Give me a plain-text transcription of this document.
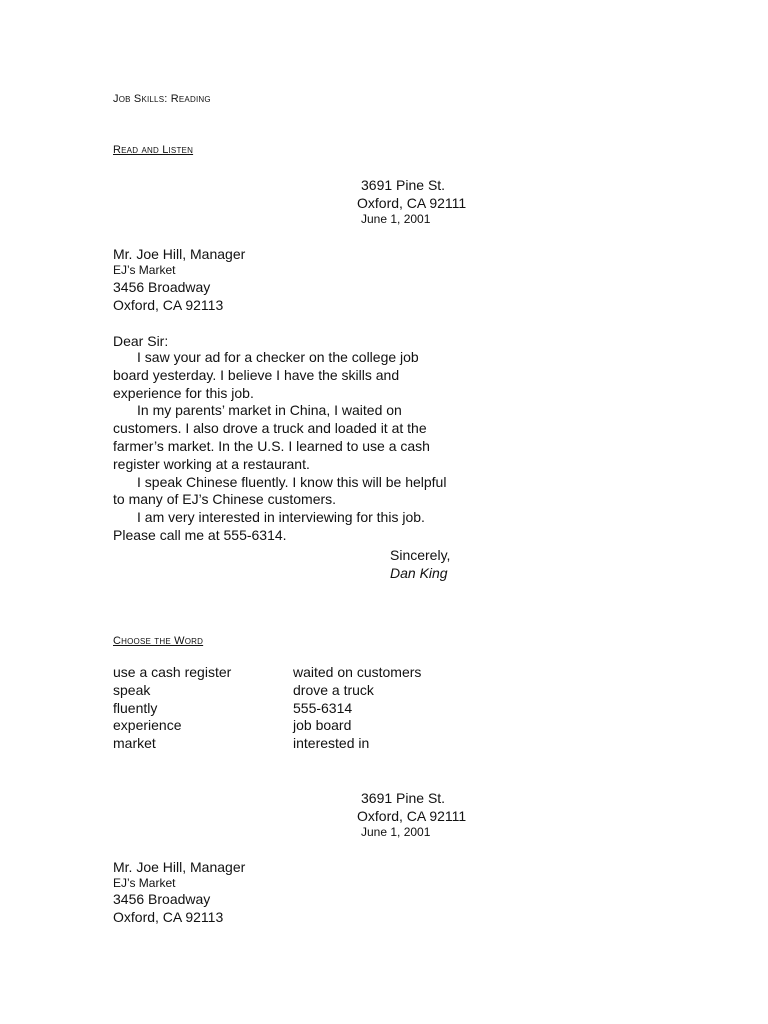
Job Skills: Reading
Read and Listen
3691 Pine St.
Oxford, CA 92111
June 1, 2001
Mr. Joe Hill, Manager
EJ’s Market
3456 Broadway
Oxford, CA 92113
Dear Sir:
I saw your ad for a checker on the college job
board yesterday. I believe I have the skills and
experience for this job.
In my parents’ market in China, I waited on
customers. I also drove a truck and loaded it at the
farmer’s market. In the U.S. I learned to use a cash
register working at a restaurant.
I speak Chinese fluently. I know this will be helpful
to many of EJ’s Chinese customers.
I am very interested in interviewing for this job.
Please call me at 555-6314.
Sincerely,
Dan King
Choose the Word
use a cash register
speak
fluently
experience
market
waited on customers
drove a truck
555-6314
job board
interested in
3691 Pine St.
Oxford, CA 92111
June 1, 2001
Mr. Joe Hill, Manager
EJ’s Market
3456 Broadway
Oxford, CA 92113
